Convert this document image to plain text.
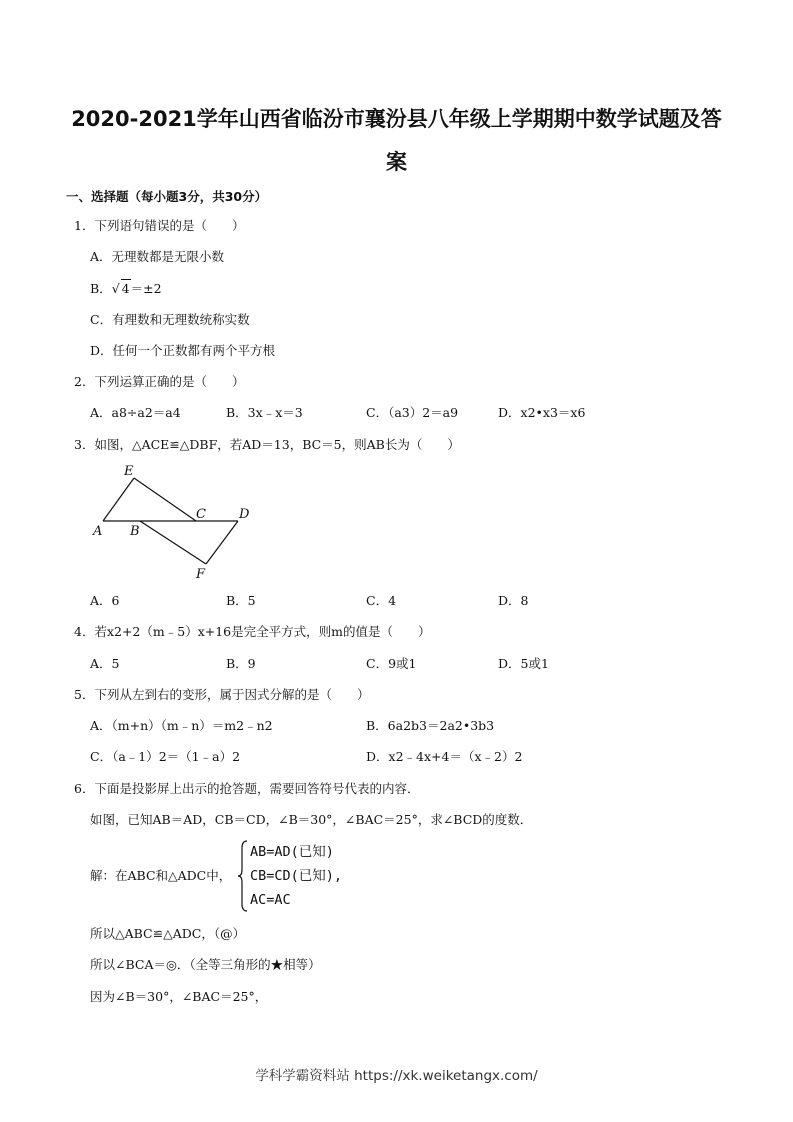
2020-2021学年山西省临汾市襄汾县八年级上学期期中数学试题及答
案
一、选择题（每小题3分，共30分）
1．下列语句错误的是（　　）
A．无理数都是无限小数
B．√ 4＝±2
C．有理数和无理数统称实数
D．任何一个正数都有两个平方根
2．下列运算正确的是（　　）
A．a8÷a2＝a4	B．3x﹣x＝3	C．（a3）2＝a9	D．x2•x3＝x6
3．如图，△ACE≌△DBF，若AD＝13，BC＝5，则AB长为（　　）
E
C	D
A B
F
A．6	B．5	C．4	D．8
4．若x2+2（m﹣5）x+16是完全平方式，则m的值是（　　）
A．5	B．9	C．9或1	D．5或1
5．下列从左到右的变形，属于因式分解的是（　　）
A．（m+n）（m﹣n）＝m2﹣n2	B．6a2b3＝2a2•3b3
C．（a﹣1）2＝（1﹣a）2	D．x2﹣4x+4＝（x﹣2）2
6．下面是投影屏上出示的抢答题，需要回答符号代表的内容．
如图，已知AB＝AD，CB＝CD，∠B＝30°，∠BAC＝25°，求∠BCD的度数．
解：在ABC和△ADC中，
AB=AD(已知)
CB=CD(已知),
AC=AC
所以△ABC≌△ADC，（@）
所以∠BCA＝◎．（全等三角形的★相等）
因为∠B＝30°，∠BAC＝25°，
学科学霸资料站 https://xk.weiketangx.com/
